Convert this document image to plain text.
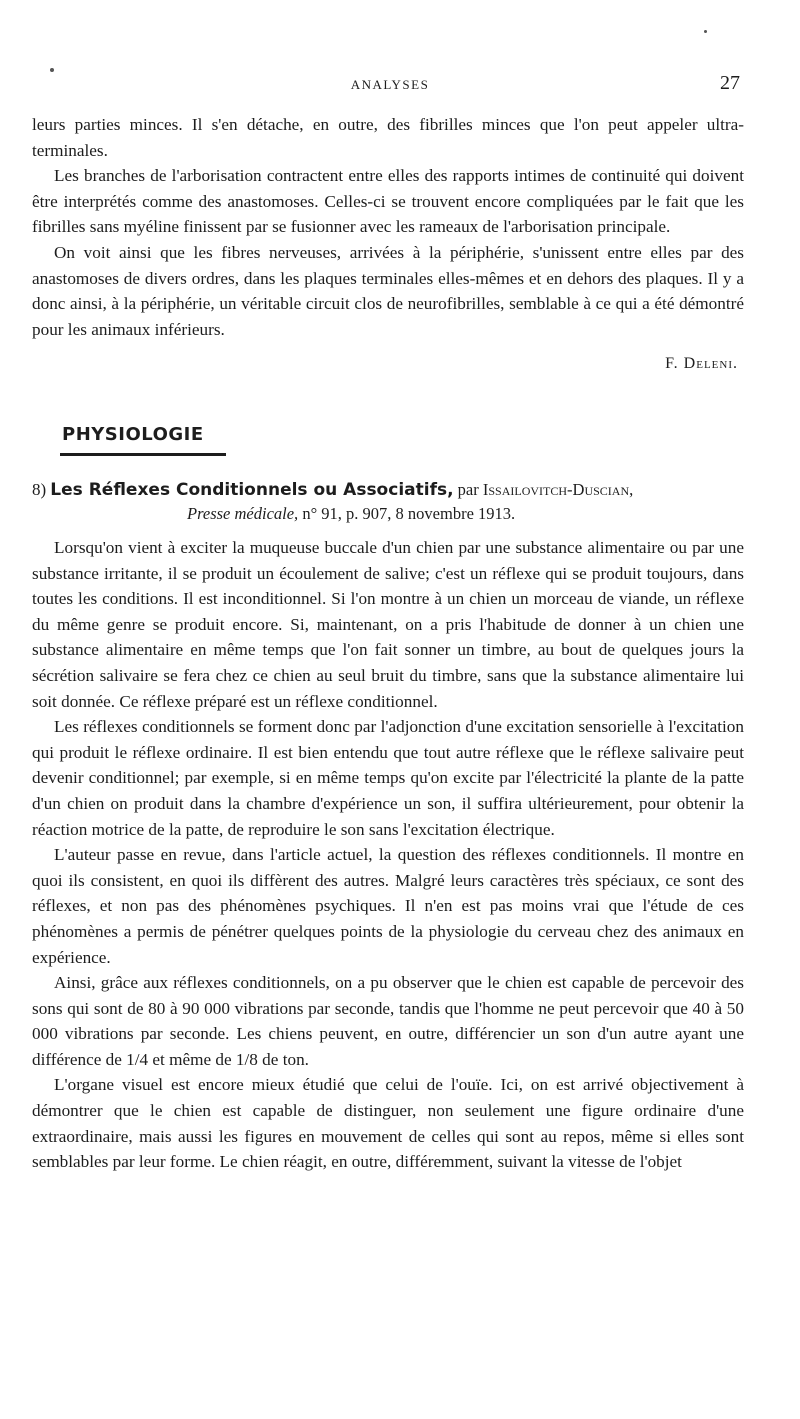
ANALYSES	27

leurs parties minces. Il s'en détache, en outre, des fibrilles minces que l'on peut appeler ultra-terminales.

Les branches de l'arborisation contractent entre elles des rapports intimes de continuité qui doivent être interprétés comme des anastomoses. Celles-ci se trouvent encore compliquées par le fait que les fibrilles sans myéline finissent par se fusionner avec les rameaux de l'arborisation principale.

On voit ainsi que les fibres nerveuses, arrivées à la périphérie, s'unissent entre elles par des anastomoses de divers ordres, dans les plaques terminales elles-mêmes et en dehors des plaques. Il y a donc ainsi, à la périphérie, un véritable circuit clos de neurofibrilles, semblable à ce qui a été démontré pour les animaux inférieurs.

F. Deleni.
PHYSIOLOGIE
8) Les Réflexes Conditionnels ou Associatifs, par Issailovitch-Duscian,
Presse médicale, n° 91, p. 907, 8 novembre 1913.

Lorsqu'on vient à exciter la muqueuse buccale d'un chien par une substance alimentaire ou par une substance irritante, il se produit un écoulement de salive; c'est un réflexe qui se produit toujours, dans toutes les conditions. Il est inconditionnel. Si l'on montre à un chien un morceau de viande, un réflexe du même genre se produit encore. Si, maintenant, on a pris l'habitude de donner à un chien une substance alimentaire en même temps que l'on fait sonner un timbre, au bout de quelques jours la sécrétion salivaire se fera chez ce chien au seul bruit du timbre, sans que la substance alimentaire lui soit donnée. Ce réflexe préparé est un réflexe conditionnel.

Les réflexes conditionnels se forment donc par l'adjonction d'une excitation sensorielle à l'excitation qui produit le réflexe ordinaire. Il est bien entendu que tout autre réflexe que le réflexe salivaire peut devenir conditionnel; par exemple, si en même temps qu'on excite par l'électricité la plante de la patte d'un chien on produit dans la chambre d'expérience un son, il suffira ultérieurement, pour obtenir la réaction motrice de la patte, de reproduire le son sans l'excitation électrique.

L'auteur passe en revue, dans l'article actuel, la question des réflexes conditionnels. Il montre en quoi ils consistent, en quoi ils diffèrent des autres. Malgré leurs caractères très spéciaux, ce sont des réflexes, et non pas des phénomènes psychiques. Il n'en est pas moins vrai que l'étude de ces phénomènes a permis de pénétrer quelques points de la physiologie du cerveau chez des animaux en expérience.

Ainsi, grâce aux réflexes conditionnels, on a pu observer que le chien est capable de percevoir des sons qui sont de 80 à 90 000 vibrations par seconde, tandis que l'homme ne peut percevoir que 40 à 50 000 vibrations par seconde. Les chiens peuvent, en outre, différencier un son d'un autre ayant une différence de 1/4 et même de 1/8 de ton.

L'organe visuel est encore mieux étudié que celui de l'ouïe. Ici, on est arrivé objectivement à démontrer que le chien est capable de distinguer, non seulement une figure ordinaire d'une extraordinaire, mais aussi les figures en mouvement de celles qui sont au repos, même si elles sont semblables par leur forme. Le chien réagit, en outre, différemment, suivant la vitesse de l'objet
